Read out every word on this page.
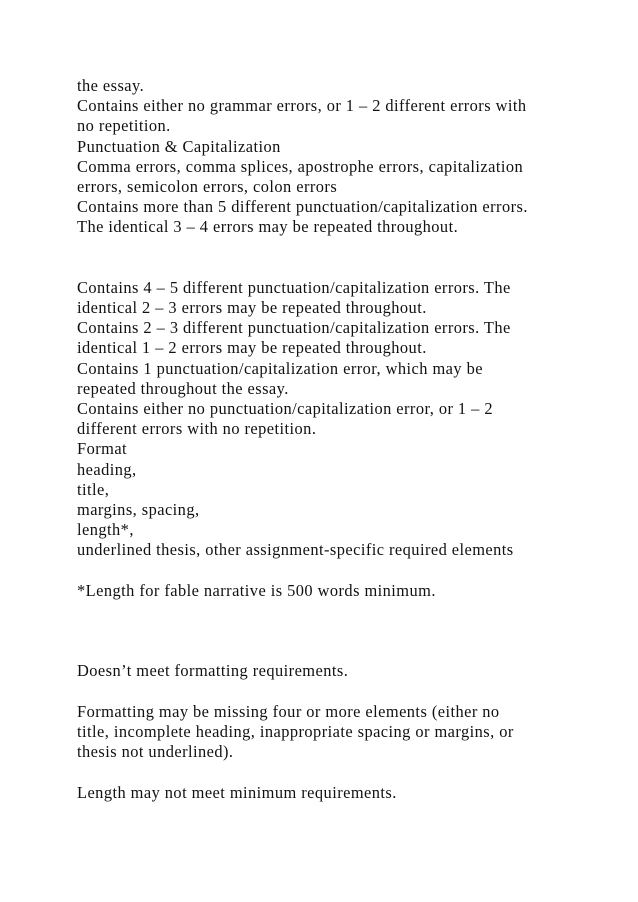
the essay.
Contains either no grammar errors, or 1 – 2 different errors with
no repetition.
Punctuation & Capitalization
Comma errors, comma splices, apostrophe errors, capitalization
errors, semicolon errors, colon errors
Contains more than 5 different punctuation/capitalization errors.
The identical 3 – 4 errors may be repeated throughout.
Contains 4 – 5 different punctuation/capitalization errors. The
identical 2 – 3 errors may be repeated throughout.
Contains 2 – 3 different punctuation/capitalization errors. The
identical 1 – 2 errors may be repeated throughout.
Contains 1 punctuation/capitalization error, which may be
repeated throughout the essay.
Contains either no punctuation/capitalization error, or 1 – 2
different errors with no repetition.
Format
heading,
title,
margins, spacing,
length*,
underlined thesis, other assignment-specific required elements
*Length for fable narrative is 500 words minimum.
Doesn’t meet formatting requirements.
Formatting may be missing four or more elements (either no
title, incomplete heading, inappropriate spacing or margins, or
thesis not underlined).
Length may not meet minimum requirements.
